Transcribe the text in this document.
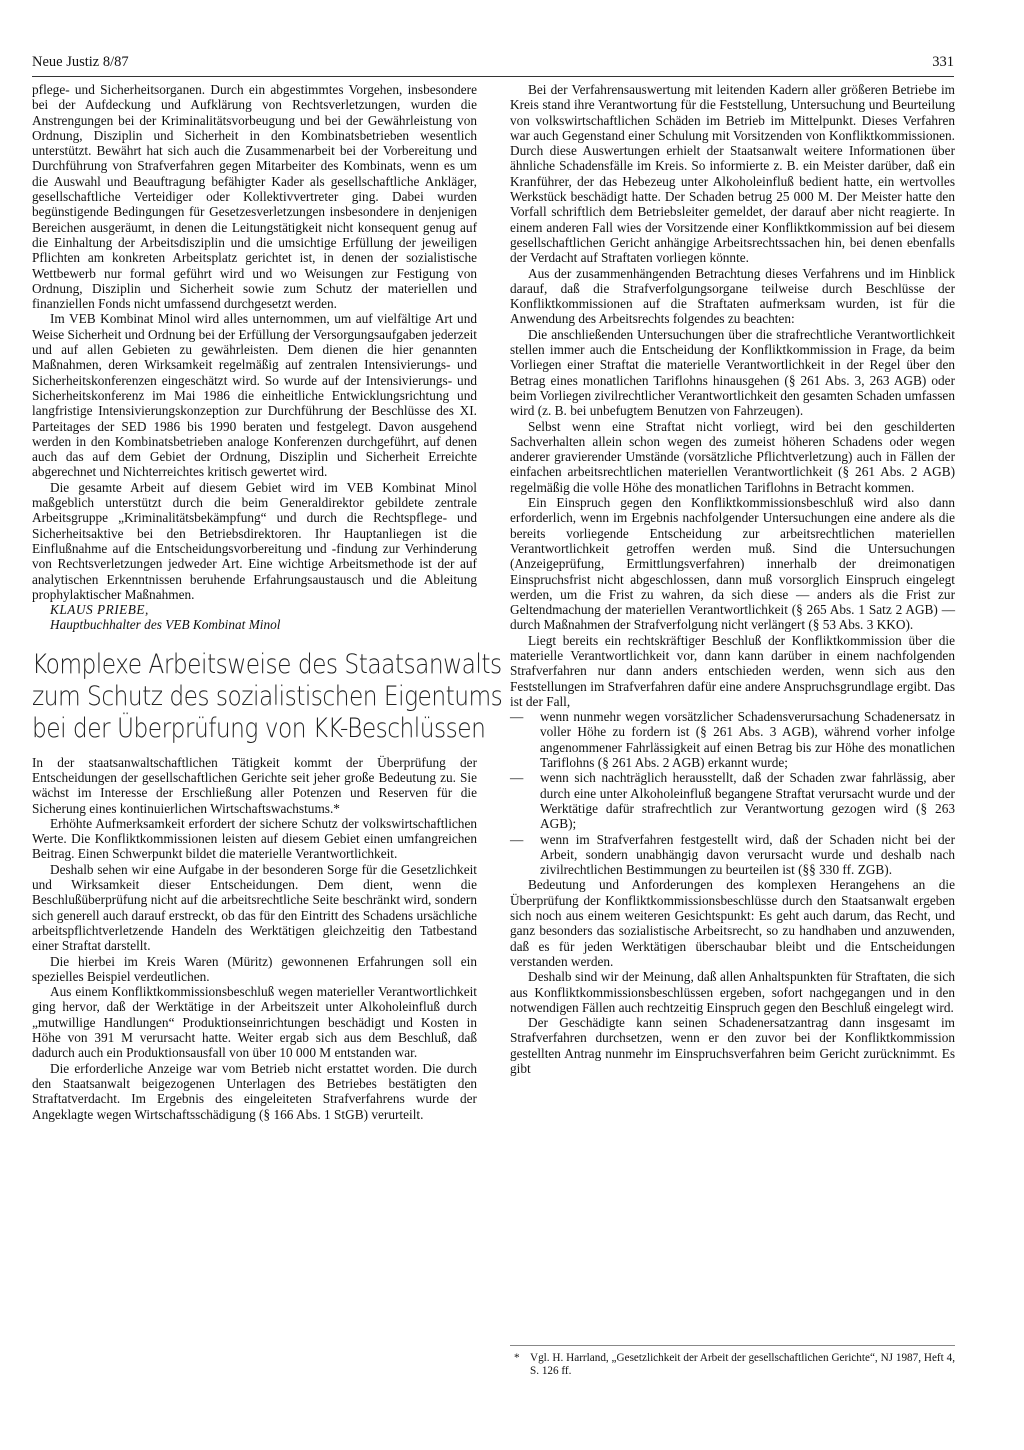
Neue Justiz 8/87	331

pflege- und Sicherheitsorganen. Durch ein abgestimmtes Vorgehen, insbesondere bei der Aufdeckung und Aufklärung von Rechtsverletzungen, wurden die Anstrengungen bei der Kriminalitätsvorbeugung und bei der Gewährleistung von Ordnung, Disziplin und Sicherheit in den Kombinatsbetrieben wesentlich unterstützt. Bewährt hat sich auch die Zusammenarbeit bei der Vorbereitung und Durchführung von Strafverfahren gegen Mitarbeiter des Kombinats, wenn es um die Auswahl und Beauftragung befähigter Kader als gesellschaftliche Ankläger, gesellschaftliche Verteidiger oder Kollektivvertreter ging. Dabei wurden begünstigende Bedingungen für Gesetzesverletzungen insbesondere in denjenigen Bereichen ausgeräumt, in denen die Leitungstätigkeit nicht konsequent genug auf die Einhaltung der Arbeitsdisziplin und die umsichtige Erfüllung der jeweiligen Pflichten am konkreten Arbeitsplatz gerichtet ist, in denen der sozialistische Wettbewerb nur formal geführt wird und wo Weisungen zur Festigung von Ordnung, Disziplin und Sicherheit sowie zum Schutz der materiellen und finanziellen Fonds nicht umfassend durchgesetzt werden.

Im VEB Kombinat Minol wird alles unternommen, um auf vielfältige Art und Weise Sicherheit und Ordnung bei der Erfüllung der Versorgungsaufgaben jederzeit und auf allen Gebieten zu gewährleisten. Dem dienen die hier genannten Maßnahmen, deren Wirksamkeit regelmäßig auf zentralen Intensivierungs- und Sicherheitskonferenzen eingeschätzt wird. So wurde auf der Intensivierungs- und Sicherheitskonferenz im Mai 1986 die einheitliche Entwicklungsrichtung und langfristige Intensivierungskonzeption zur Durchführung der Beschlüsse des XI. Parteitages der SED 1986 bis 1990 beraten und festgelegt. Davon ausgehend werden in den Kombinatsbetrieben analoge Konferenzen durchgeführt, auf denen auch das auf dem Gebiet der Ordnung, Disziplin und Sicherheit Erreichte abgerechnet und Nichterreichtes kritisch gewertet wird.

Die gesamte Arbeit auf diesem Gebiet wird im VEB Kombinat Minol maßgeblich unterstützt durch die beim Generaldirektor gebildete zentrale Arbeitsgruppe „Kriminalitätsbekämpfung“ und durch die Rechtspflege- und Sicherheitsaktive bei den Betriebsdirektoren. Ihr Hauptanliegen ist die Einflußnahme auf die Entscheidungsvorbereitung und -findung zur Verhinderung von Rechtsverletzungen jedweder Art. Eine wichtige Arbeitsmethode ist der auf analytischen Erkenntnissen beruhende Erfahrungsaustausch und die Ableitung prophylaktischer Maßnahmen.

KLAUS PRIEBE,

Hauptbuchhalter des VEB Kombinat Minol

Komplexe Arbeitsweise des Staatsanwalts
zum Schutz des sozialistischen Eigentums
bei der Überprüfung von KK-Beschlüssen

In der staatsanwaltschaftlichen Tätigkeit kommt der Überprüfung der Entscheidungen der gesellschaftlichen Gerichte seit jeher große Bedeutung zu. Sie wächst im Interesse der Erschließung aller Potenzen und Reserven für die Sicherung eines kontinuierlichen Wirtschaftswachstums.*

Erhöhte Aufmerksamkeit erfordert der sichere Schutz der volkswirtschaftlichen Werte. Die Konfliktkommissionen leisten auf diesem Gebiet einen umfangreichen Beitrag. Einen Schwerpunkt bildet die materielle Verantwortlichkeit.

Deshalb sehen wir eine Aufgabe in der besonderen Sorge für die Gesetzlichkeit und Wirksamkeit dieser Entscheidungen. Dem dient, wenn die Beschlußüberprüfung nicht auf die arbeitsrechtliche Seite beschränkt wird, sondern sich generell auch darauf erstreckt, ob das für den Eintritt des Schadens ursächliche arbeitspflichtverletzende Handeln des Werktätigen gleichzeitig den Tatbestand einer Straftat darstellt.

Die hierbei im Kreis Waren (Müritz) gewonnenen Erfahrungen soll ein spezielles Beispiel verdeutlichen.

Aus einem Konfliktkommissionsbeschluß wegen materieller Verantwortlichkeit ging hervor, daß der Werktätige in der Arbeitszeit unter Alkoholeinfluß durch „mutwillige Handlungen“ Produktionseinrichtungen beschädigt und Kosten in Höhe von 391 M verursacht hatte. Weiter ergab sich aus dem Beschluß, daß dadurch auch ein Produktionsausfall von über 10 000 M entstanden war.

Die erforderliche Anzeige war vom Betrieb nicht erstattet worden. Die durch den Staatsanwalt beigezogenen Unterlagen des Betriebes bestätigten den Straftatverdacht. Im Ergebnis des eingeleiteten Strafverfahrens wurde der Angeklagte wegen Wirtschaftsschädigung (§ 166 Abs. 1 StGB) verurteilt.

Bei der Verfahrensauswertung mit leitenden Kadern aller größeren Betriebe im Kreis stand ihre Verantwortung für die Feststellung, Untersuchung und Beurteilung von volkswirtschaftlichen Schäden im Betrieb im Mittelpunkt. Dieses Verfahren war auch Gegenstand einer Schulung mit Vorsitzenden von Konfliktkommissionen. Durch diese Auswertungen erhielt der Staatsanwalt weitere Informationen über ähnliche Schadensfälle im Kreis. So informierte z. B. ein Meister darüber, daß ein Kranführer, der das Hebezeug unter Alkoholeinfluß bedient hatte, ein wertvolles Werkstück beschädigt hatte. Der Schaden betrug 25 000 M. Der Meister hatte den Vorfall schriftlich dem Betriebsleiter gemeldet, der darauf aber nicht reagierte. In einem anderen Fall wies der Vorsitzende einer Konfliktkommission auf bei diesem gesellschaftlichen Gericht anhängige Arbeitsrechtssachen hin, bei denen ebenfalls der Verdacht auf Straftaten vorliegen könnte.

Aus der zusammenhängenden Betrachtung dieses Verfahrens und im Hinblick darauf, daß die Strafverfolgungsorgane teilweise durch Beschlüsse der Konfliktkommissionen auf die Straftaten aufmerksam wurden, ist für die Anwendung des Arbeitsrechts folgendes zu beachten:

Die anschließenden Untersuchungen über die strafrechtliche Verantwortlichkeit stellen immer auch die Entscheidung der Konfliktkommission in Frage, da beim Vorliegen einer Straftat die materielle Verantwortlichkeit in der Regel über den Betrag eines monatlichen Tariflohns hinausgehen (§ 261 Abs. 3, 263 AGB) oder beim Vorliegen zivilrechtlicher Verantwortlichkeit den gesamten Schaden umfassen wird (z. B. bei unbefugtem Benutzen von Fahrzeugen).

Selbst wenn eine Straftat nicht vorliegt, wird bei den geschilderten Sachverhalten allein schon wegen des zumeist höheren Schadens oder wegen anderer gravierender Umstände (vorsätzliche Pflichtverletzung) auch in Fällen der einfachen arbeitsrechtlichen materiellen Verantwortlichkeit (§ 261 Abs. 2 AGB) regelmäßig die volle Höhe des monatlichen Tariflohns in Betracht kommen.

Ein Einspruch gegen den Konfliktkommissionsbeschluß wird also dann erforderlich, wenn im Ergebnis nachfolgender Untersuchungen eine andere als die bereits vorliegende Entscheidung zur arbeitsrechtlichen materiellen Verantwortlichkeit getroffen werden muß. Sind die Untersuchungen (Anzeigeprüfung, Ermittlungsverfahren) innerhalb der dreimonatigen Einspruchsfrist nicht abgeschlossen, dann muß vorsorglich Einspruch eingelegt werden, um die Frist zu wahren, da sich diese — anders als die Frist zur Geltendmachung der materiellen Verantwortlichkeit (§ 265 Abs. 1 Satz 2 AGB) — durch Maßnahmen der Strafverfolgung nicht verlängert (§ 53 Abs. 3 KKO).

Liegt bereits ein rechtskräftiger Beschluß der Konfliktkommission über die materielle Verantwortlichkeit vor, dann kann darüber in einem nachfolgenden Strafverfahren nur dann anders entschieden werden, wenn sich aus den Feststellungen im Strafverfahren dafür eine andere Anspruchsgrundlage ergibt. Das ist der Fall,

— wenn nunmehr wegen vorsätzlicher Schadensverursachung Schadenersatz in voller Höhe zu fordern ist (§ 261 Abs. 3 AGB), während vorher infolge angenommener Fahrlässigkeit auf einen Betrag bis zur Höhe des monatlichen Tariflohns (§ 261 Abs. 2 AGB) erkannt wurde;
— wenn sich nachträglich herausstellt, daß der Schaden zwar fahrlässig, aber durch eine unter Alkoholeinfluß begangene Straftat verursacht wurde und der Werktätige dafür strafrechtlich zur Verantwortung gezogen wird (§ 263 AGB);
— wenn im Strafverfahren festgestellt wird, daß der Schaden nicht bei der Arbeit, sondern unabhängig davon verursacht wurde und deshalb nach zivilrechtlichen Bestimmungen zu beurteilen ist (§§ 330 ff. ZGB).

Bedeutung und Anforderungen des komplexen Herangehens an die Überprüfung der Konfliktkommissionsbeschlüsse durch den Staatsanwalt ergeben sich noch aus einem weiteren Gesichtspunkt: Es geht auch darum, das Recht, und ganz besonders das sozialistische Arbeitsrecht, so zu handhaben und anzuwenden, daß es für jeden Werktätigen überschaubar bleibt und die Entscheidungen verstanden werden.

Deshalb sind wir der Meinung, daß allen Anhaltspunkten für Straftaten, die sich aus Konfliktkommissionsbeschlüssen ergeben, sofort nachgegangen und in den notwendigen Fällen auch rechtzeitig Einspruch gegen den Beschluß eingelegt wird.

Der Geschädigte kann seinen Schadenersatzantrag dann insgesamt im Strafverfahren durchsetzen, wenn er den zuvor bei der Konfliktkommission gestellten Antrag nunmehr im Einspruchsverfahren beim Gericht zurücknimmt. Es gibt

* Vgl. H. Harrland, „Gesetzlichkeit der Arbeit der gesellschaftlichen Gerichte“, NJ 1987, Heft 4, S. 126 ff.
